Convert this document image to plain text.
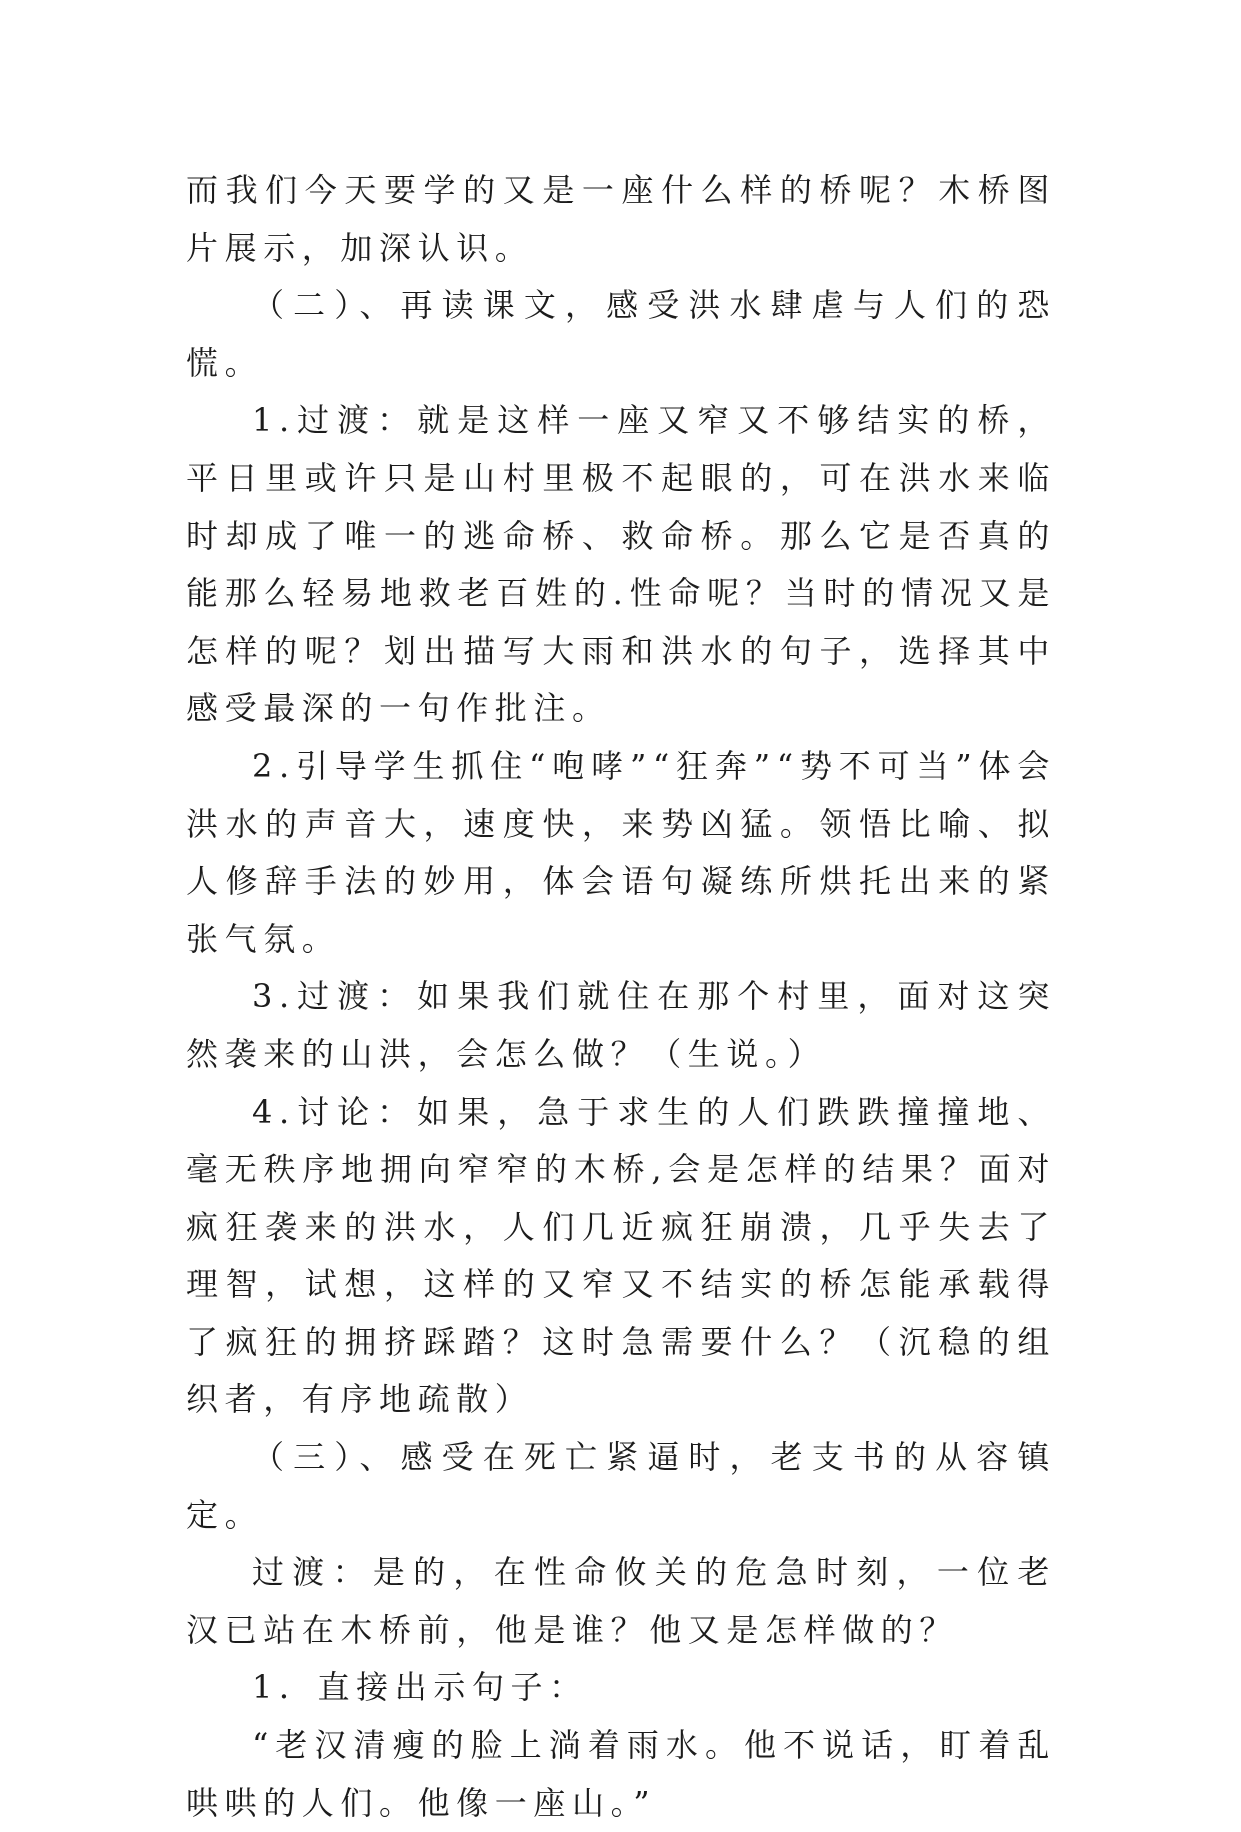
而我们今天要学的又是一座什么样的桥呢？木桥图片展示，加深认识。

（二）、再读课文，感受洪水肆虐与人们的恐慌。

1.过渡：就是这样一座又窄又不够结实的桥，平日里或许只是山村里极不起眼的，可在洪水来临时却成了唯一的逃命桥、救命桥。那么它是否真的能那么轻易地救老百姓的.性命呢？当时的情况又是怎样的呢？划出描写大雨和洪水的句子，选择其中感受最深的一句作批注。

2.引导学生抓住“咆哮”“狂奔”“势不可当”体会洪水的声音大，速度快，来势凶猛。领悟比喻、拟人修辞手法的妙用，体会语句凝练所烘托出来的紧张气氛。

3.过渡：如果我们就住在那个村里，面对这突然袭来的山洪，会怎么做？（生说。）

4.讨论：如果，急于求生的人们跌跌撞撞地、毫无秩序地拥向窄窄的木桥,会是怎样的结果？面对疯狂袭来的洪水，人们几近疯狂崩溃，几乎失去了理智，试想，这样的又窄又不结实的桥怎能承载得了疯狂的拥挤踩踏？这时急需要什么？（沉稳的组织者，有序地疏散）

（三）、感受在死亡紧逼时，老支书的从容镇定。

过渡：是的，在性命攸关的危急时刻，一位老汉已站在木桥前，他是谁？他又是怎样做的？

1．直接出示句子：

“老汉清瘦的脸上淌着雨水。他不说话，盯着乱哄哄的人们。他像一座山。”
